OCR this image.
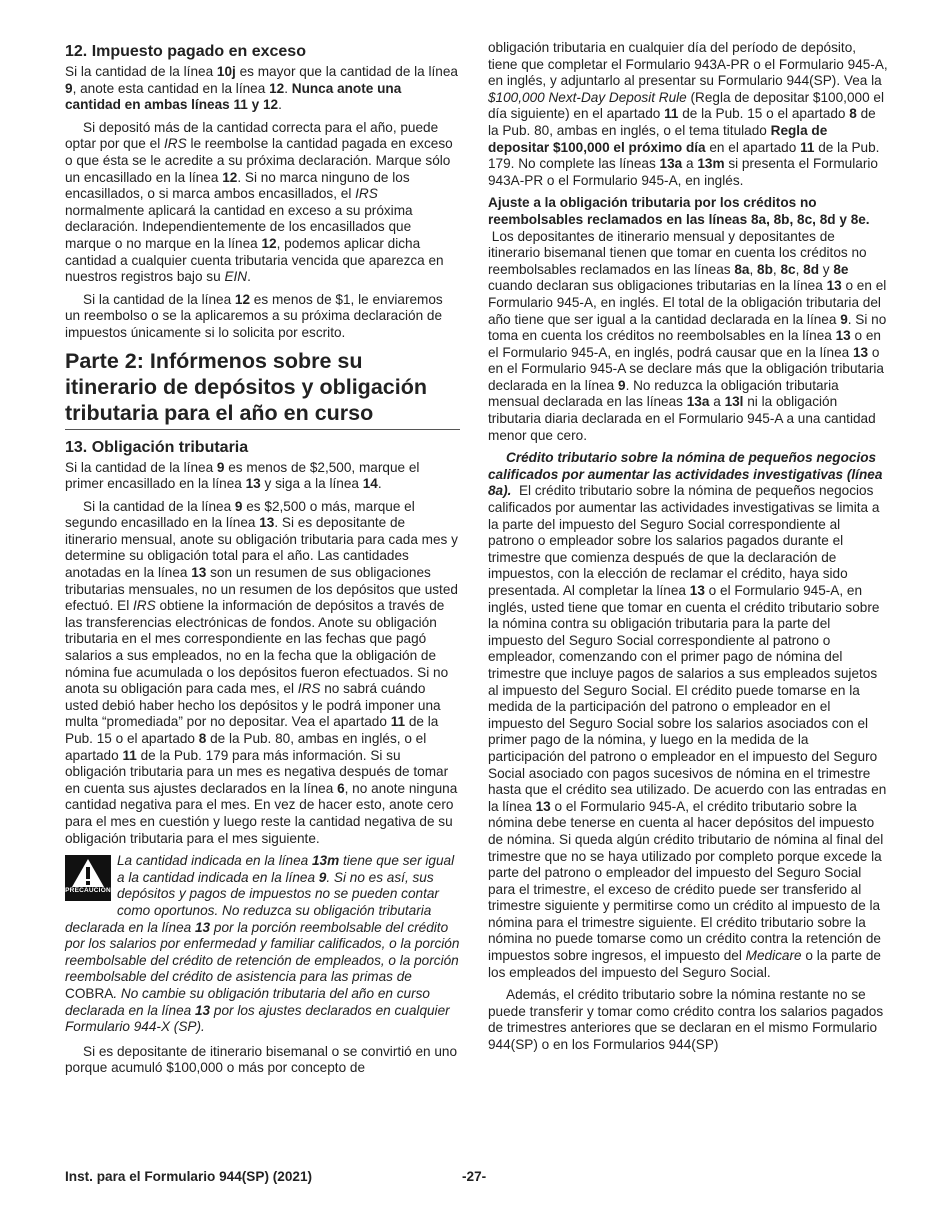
12. Impuesto pagado en exceso

Si la cantidad de la línea 10j es mayor que la cantidad de la línea 9, anote esta cantidad en la línea 12. Nunca anote una cantidad en ambas líneas 11 y 12.

Si depositó más de la cantidad correcta para el año, puede optar por que el IRS le reembolse la cantidad pagada en exceso o que ésta se le acredite a su próxima declaración. Marque sólo un encasillado en la línea 12. Si no marca ninguno de los encasillados, o si marca ambos encasillados, el IRS normalmente aplicará la cantidad en exceso a su próxima declaración. Independientemente de los encasillados que marque o no marque en la línea 12, podemos aplicar dicha cantidad a cualquier cuenta tributaria vencida que aparezca en nuestros registros bajo su EIN.

Si la cantidad de la línea 12 es menos de $1, le enviaremos un reembolso o se la aplicaremos a su próxima declaración de impuestos únicamente si lo solicita por escrito.

Parte 2: Infórmenos sobre su itinerario de depósitos y obligación tributaria para el año en curso
13. Obligación tributaria

Si la cantidad de la línea 9 es menos de $2,500, marque el primer encasillado en la línea 13 y siga a la línea 14.

Si la cantidad de la línea 9 es $2,500 o más, marque el segundo encasillado en la línea 13. Si es depositante de itinerario mensual, anote su obligación tributaria para cada mes y determine su obligación total para el año. Las cantidades anotadas en la línea 13 son un resumen de sus obligaciones tributarias mensuales, no un resumen de los depósitos que usted efectuó. El IRS obtiene la información de depósitos a través de las transferencias electrónicas de fondos. Anote su obligación tributaria en el mes correspondiente en las fechas que pagó salarios a sus empleados, no en la fecha que la obligación de nómina fue acumulada o los depósitos fueron efectuados. Si no anota su obligación para cada mes, el IRS no sabrá cuándo usted debió haber hecho los depósitos y le podrá imponer una multa “promediada” por no depositar. Vea el apartado 11 de la Pub. 15 o el apartado 8 de la Pub. 80, ambas en inglés, o el apartado 11 de la Pub. 179 para más información. Si su obligación tributaria para un mes es negativa después de tomar en cuenta sus ajustes declarados en la línea 6, no anote ninguna cantidad negativa para el mes. En vez de hacer esto, anote cero para el mes en cuestión y luego reste la cantidad negativa de su obligación tributaria para el mes siguiente.

PRECAUCION
La cantidad indicada en la línea 13m tiene que ser igual a la cantidad indicada en la línea 9. Si no es así, sus depósitos y pagos de impuestos no se pueden contar como oportunos. No reduzca su obligación tributaria declarada en la línea 13 por la porción reembolsable del crédito por los salarios por enfermedad y familiar calificados, o la porción reembolsable del crédito de retención de empleados, o la porción reembolsable del crédito de asistencia para las primas de COBRA. No cambie su obligación tributaria del año en curso declarada en la línea 13 por los ajustes declarados en cualquier Formulario 944-X (SP).

Si es depositante de itinerario bisemanal o se convirtió en uno porque acumuló $100,000 o más por concepto de

obligación tributaria en cualquier día del período de depósito, tiene que completar el Formulario 943A-PR o el Formulario 945-A, en inglés, y adjuntarlo al presentar su Formulario 944(SP). Vea la $100,000 Next-Day Deposit Rule (Regla de depositar $100,000 el día siguiente) en el apartado 11 de la Pub. 15 o el apartado 8 de la Pub. 80, ambas en inglés, o el tema titulado Regla de depositar $100,000 el próximo día en el apartado 11 de la Pub. 179. No complete las líneas 13a a 13m si presenta el Formulario 943A-PR o el Formulario 945-A, en inglés.

Ajuste a la obligación tributaria por los créditos no reembolsables reclamados en las líneas 8a, 8b, 8c, 8d y 8e.  Los depositantes de itinerario mensual y depositantes de itinerario bisemanal tienen que tomar en cuenta los créditos no reembolsables reclamados en las líneas 8a, 8b, 8c, 8d y 8e cuando declaran sus obligaciones tributarias en la línea 13 o en el Formulario 945-A, en inglés. El total de la obligación tributaria del año tiene que ser igual a la cantidad declarada en la línea 9. Si no toma en cuenta los créditos no reembolsables en la línea 13 o en el Formulario 945-A, en inglés, podrá causar que en la línea 13 o en el Formulario 945-A se declare más que la obligación tributaria declarada en la línea 9. No reduzca la obligación tributaria mensual declarada en las líneas 13a a 13l ni la obligación tributaria diaria declarada en el Formulario 945-A a una cantidad menor que cero.

Crédito tributario sobre la nómina de pequeños negocios calificados por aumentar las actividades investigativas (línea 8a).  El crédito tributario sobre la nómina de pequeños negocios calificados por aumentar las actividades investigativas se limita a la parte del impuesto del Seguro Social correspondiente al patrono o empleador sobre los salarios pagados durante el trimestre que comienza después de que la declaración de impuestos, con la elección de reclamar el crédito, haya sido presentada. Al completar la línea 13 o el Formulario 945-A, en inglés, usted tiene que tomar en cuenta el crédito tributario sobre la nómina contra su obligación tributaria para la parte del impuesto del Seguro Social correspondiente al patrono o empleador, comenzando con el primer pago de nómina del trimestre que incluye pagos de salarios a sus empleados sujetos al impuesto del Seguro Social. El crédito puede tomarse en la medida de la participación del patrono o empleador en el impuesto del Seguro Social sobre los salarios asociados con el primer pago de la nómina, y luego en la medida de la participación del patrono o empleador en el impuesto del Seguro Social asociado con pagos sucesivos de nómina en el trimestre hasta que el crédito sea utilizado. De acuerdo con las entradas en la línea 13 o el Formulario 945-A, el crédito tributario sobre la nómina debe tenerse en cuenta al hacer depósitos del impuesto de nómina. Si queda algún crédito tributario de nómina al final del trimestre que no se haya utilizado por completo porque excede la parte del patrono o empleador del impuesto del Seguro Social para el trimestre, el exceso de crédito puede ser transferido al trimestre siguiente y permitirse como un crédito al impuesto de la nómina para el trimestre siguiente. El crédito tributario sobre la nómina no puede tomarse como un crédito contra la retención de impuestos sobre ingresos, el impuesto del Medicare o la parte de los empleados del impuesto del Seguro Social.

Además, el crédito tributario sobre la nómina restante no se puede transferir y tomar como crédito contra los salarios pagados de trimestres anteriores que se declaran en el mismo Formulario 944(SP) o en los Formularios 944(SP)

Inst. para el Formulario 944(SP) (2021)	-27-
